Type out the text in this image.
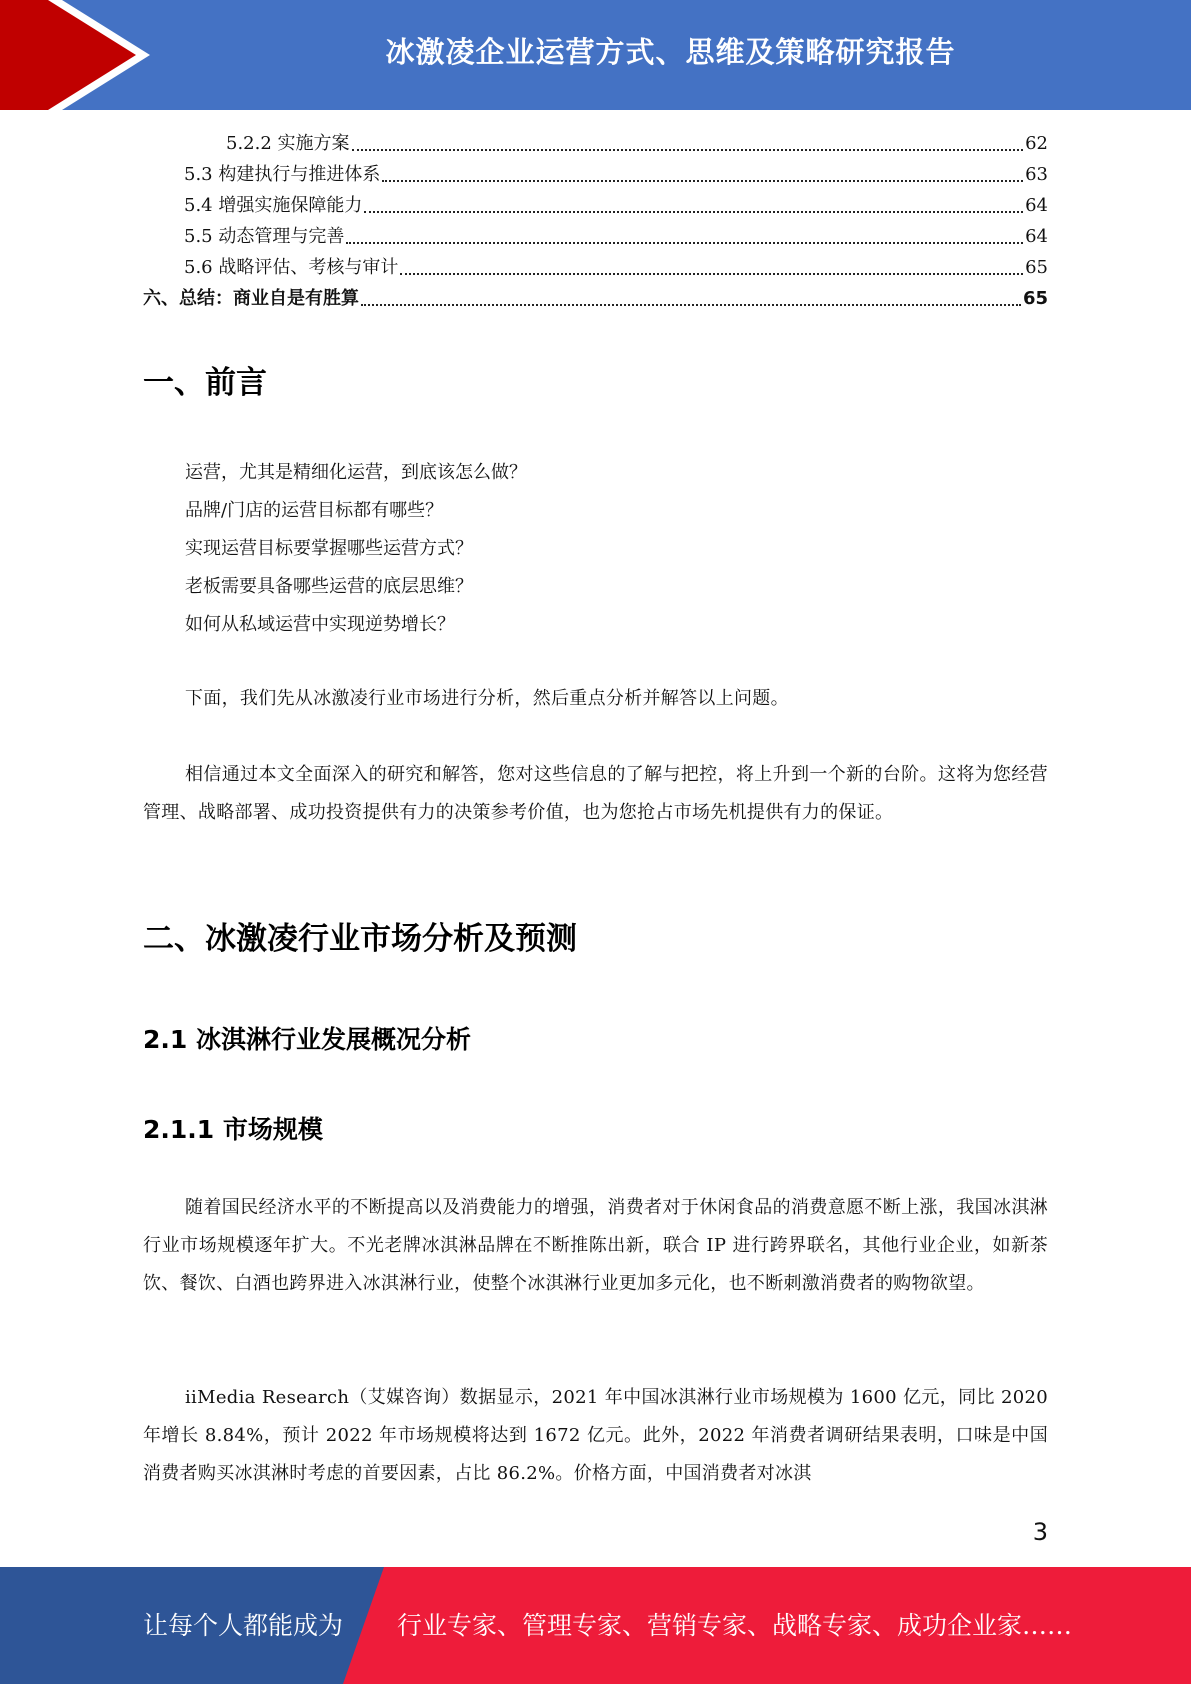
冰激凌企业运营方式、思维及策略研究报告
5.2.2 实施方案	62
5.3 构建执行与推进体系	63
5.4 增强实施保障能力	64
5.5 动态管理与完善	64
5.6 战略评估、考核与审计	65
六、总结：商业自是有胜算	65
一、前言
运营，尤其是精细化运营，到底该怎么做？
品牌/门店的运营目标都有哪些？
实现运营目标要掌握哪些运营方式？
老板需要具备哪些运营的底层思维？
如何从私域运营中实现逆势增长？
下面，我们先从冰激凌行业市场进行分析，然后重点分析并解答以上问题。
相信通过本文全面深入的研究和解答，您对这些信息的了解与把控，将上升到一个新的台阶。这将为您经营管理、战略部署、成功投资提供有力的决策参考价值，也为您抢占市场先机提供有力的保证。
二、冰激凌行业市场分析及预测
2.1 冰淇淋行业发展概况分析
2.1.1 市场规模
随着国民经济水平的不断提高以及消费能力的增强，消费者对于休闲食品的消费意愿不断上涨，我国冰淇淋行业市场规模逐年扩大。不光老牌冰淇淋品牌在不断推陈出新，联合 IP 进行跨界联名，其他行业企业，如新茶饮、餐饮、白酒也跨界进入冰淇淋行业，使整个冰淇淋行业更加多元化，也不断刺激消费者的购物欲望。
iiMedia Research（艾媒咨询）数据显示，2021 年中国冰淇淋行业市场规模为 1600 亿元，同比 2020 年增长 8.84%，预计 2022 年市场规模将达到 1672 亿元。此外，2022 年消费者调研结果表明，口味是中国消费者购买冰淇淋时考虑的首要因素，占比 86.2%。价格方面，中国消费者对冰淇
3
让每个人都能成为 行业专家、管理专家、营销专家、战略专家、成功企业家……
